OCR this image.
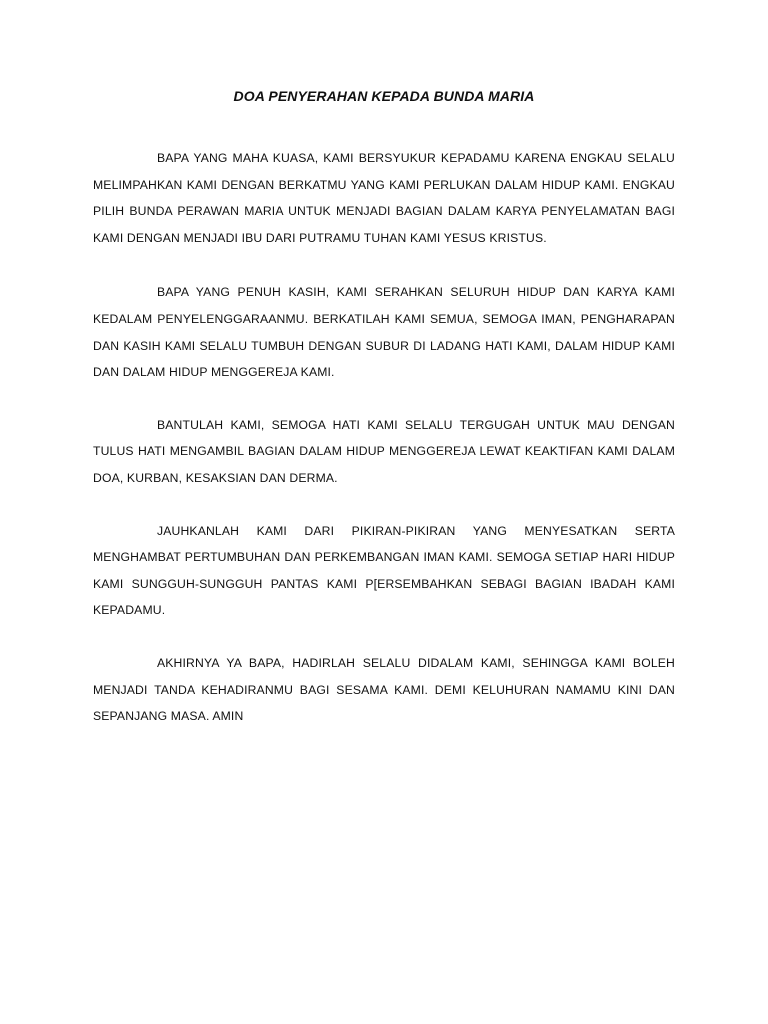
DOA PENYERAHAN KEPADA BUNDA MARIA

BAPA YANG MAHA KUASA, KAMI BERSYUKUR KEPADAMU KARENA ENGKAU SELALU MELIMPAHKAN KAMI DENGAN BERKATMU YANG KAMI PERLUKAN DALAM HIDUP KAMI. ENGKAU PILIH BUNDA PERAWAN MARIA UNTUK MENJADI BAGIAN DALAM KARYA PENYELAMATAN BAGI KAMI DENGAN MENJADI IBU DARI PUTRAMU TUHAN KAMI YESUS KRISTUS.

BAPA YANG PENUH KASIH, KAMI SERAHKAN SELURUH HIDUP DAN KARYA KAMI KEDALAM PENYELENGGARAANMU. BERKATILAH KAMI SEMUA, SEMOGA IMAN, PENGHARAPAN DAN KASIH KAMI SELALU TUMBUH DENGAN SUBUR DI LADANG HATI KAMI, DALAM HIDUP KAMI DAN DALAM HIDUP MENGGEREJA KAMI.

BANTULAH KAMI, SEMOGA HATI KAMI SELALU TERGUGAH UNTUK MAU DENGAN TULUS HATI MENGAMBIL BAGIAN DALAM HIDUP MENGGEREJA LEWAT KEAKTIFAN KAMI DALAM DOA, KURBAN, KESAKSIAN DAN DERMA.

JAUHKANLAH KAMI DARI PIKIRAN-PIKIRAN YANG MENYESATKAN SERTA MENGHAMBAT PERTUMBUHAN DAN PERKEMBANGAN IMAN KAMI. SEMOGA SETIAP HARI HIDUP KAMI SUNGGUH-SUNGGUH PANTAS KAMI P[ERSEMBAHKAN SEBAGI BAGIAN IBADAH KAMI KEPADAMU.

AKHIRNYA YA BAPA, HADIRLAH SELALU DIDALAM KAMI, SEHINGGA KAMI BOLEH MENJADI TANDA KEHADIRANMU BAGI SESAMA KAMI. DEMI KELUHURAN NAMAMU KINI DAN SEPANJANG MASA. AMIN
